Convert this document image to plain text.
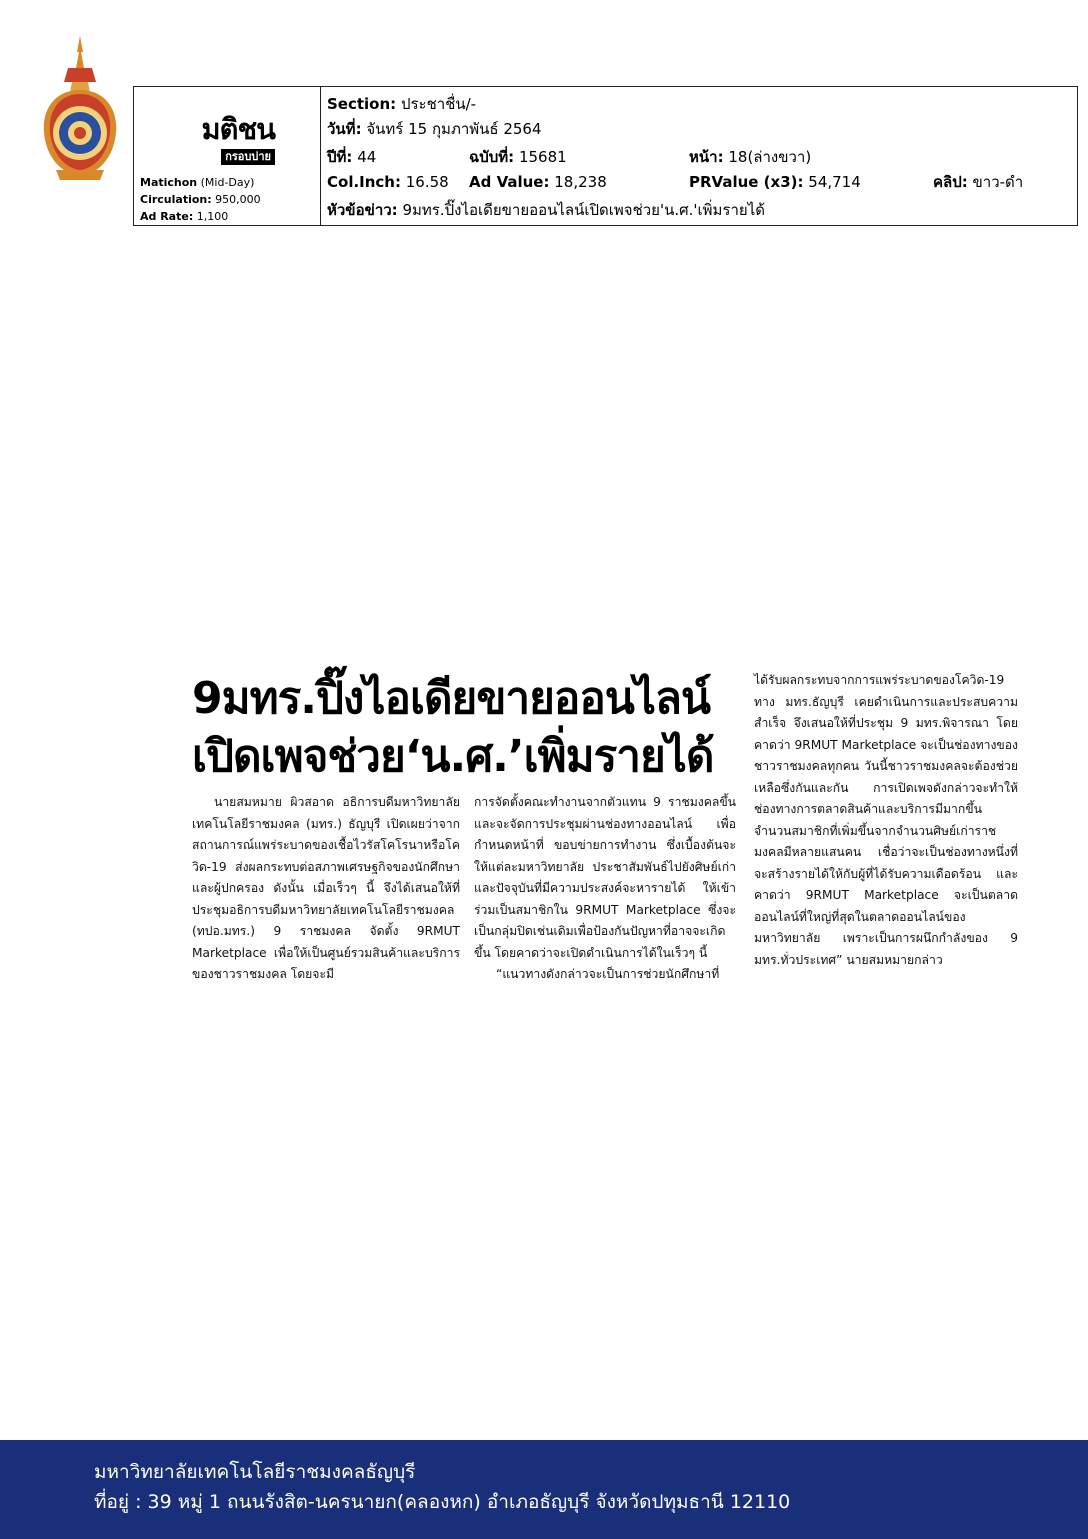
มติชน
กรอบบ่าย
Matichon (Mid-Day)
Circulation: 950,000
Ad Rate: 1,100
Section: ประชาชื่น/-
วันที่: จันทร์ 15 กุมภาพันธ์ 2564
ปีที่: 44	ฉบับที่: 15681	หน้า: 18(ล่างขวา)
Col.Inch: 16.58 Ad Value: 18,238	PRValue (x3): 54,714	คลิป: ขาว-ดำ
หัวข้อข่าว: 9มทร.ปิ๊งไอเดียขายออนไลน์เปิดเพจช่วย'น.ศ.'เพิ่มรายได้
9มทร.ปิ๊งไอเดียขายออนไลน์
เปิดเพจช่วย‘น.ศ.’เพิ่มรายได้
นายสมหมาย ผิวสอาด อธิการบดีมหาวิทยาลัยเทคโนโลยีราชมงคล (มทร.) ธัญบุรี เปิดเผยว่าจากสถานการณ์แพร่ระบาดของเชื้อไวรัสโคโรนาหรือโควิด-19 ส่งผลกระทบต่อสภาพเศรษฐกิจของนักศึกษาและผู้ปกครอง ดังนั้น เมื่อเร็วๆ นี้ จึงได้เสนอให้ที่ประชุมอธิการบดีมหาวิทยาลัยเทคโนโลยีราชมงคล (ทปอ.มทร.) 9 ราชมงคล จัดตั้ง 9RMUT Marketplace เพื่อให้เป็นศูนย์รวมสินค้าและบริการของชาวราชมงคล โดยจะมี
การจัดตั้งคณะทำงานจากตัวแทน 9 ราชมงคลขึ้น และจะจัดการประชุมผ่านช่องทางออนไลน์ เพื่อกำหนดหน้าที่ ขอบข่ายการทำงาน ซึ่งเบื้องต้นจะให้แต่ละมหาวิทยาลัย ประชาสัมพันธ์ไปยังศิษย์เก่าและปัจจุบันที่มีความประสงค์จะหารายได้ ให้เข้าร่วมเป็นสมาชิกใน 9RMUT Marketplace ซึ่งจะเป็นกลุ่มปิดเช่นเดิมเพื่อป้องกันปัญหาที่อาจจะเกิดขึ้น โดยคาดว่าจะเปิดดำเนินการได้ในเร็วๆ นี้
“แนวทางดังกล่าวจะเป็นการช่วยนักศึกษาที่
ได้รับผลกระทบจากการแพร่ระบาดของโควิด-19 ทาง มทร.ธัญบุรี เคยดำเนินการและประสบความสำเร็จ จึงเสนอให้ที่ประชุม 9 มทร.พิจารณา โดยคาดว่า 9RMUT Marketplace จะเป็นช่องทางของชาวราชมงคลทุกคน วันนี้ชาวราชมงคลจะต้องช่วยเหลือซึ่งกันและกัน การเปิดเพจดังกล่าวจะทำให้ช่องทางการตลาดสินค้าและบริการมีมากขึ้น จำนวนสมาชิกที่เพิ่มขึ้นจากจำนวนศิษย์เก่าราชมงคลมีหลายแสนคน เชื่อว่าจะเป็นช่องทางหนึ่งที่จะสร้างรายได้ให้กับผู้ที่ได้รับความเดือดร้อน และคาดว่า 9RMUT Marketplace จะเป็นตลาดออนไลน์ที่ใหญ่ที่สุดในตลาดออนไลน์ของมหาวิทยาลัย เพราะเป็นการผนึกกำลังของ 9 มทร.ทั่วประเทศ” นายสมหมายกล่าว
มหาวิทยาลัยเทคโนโลยีราชมงคลธัญบุรี
ที่อยู่ : 39 หมู่ 1 ถนนรังสิต-นครนายก(คลองหก) อำเภอธัญบุรี จังหวัดปทุมธานี 12110
